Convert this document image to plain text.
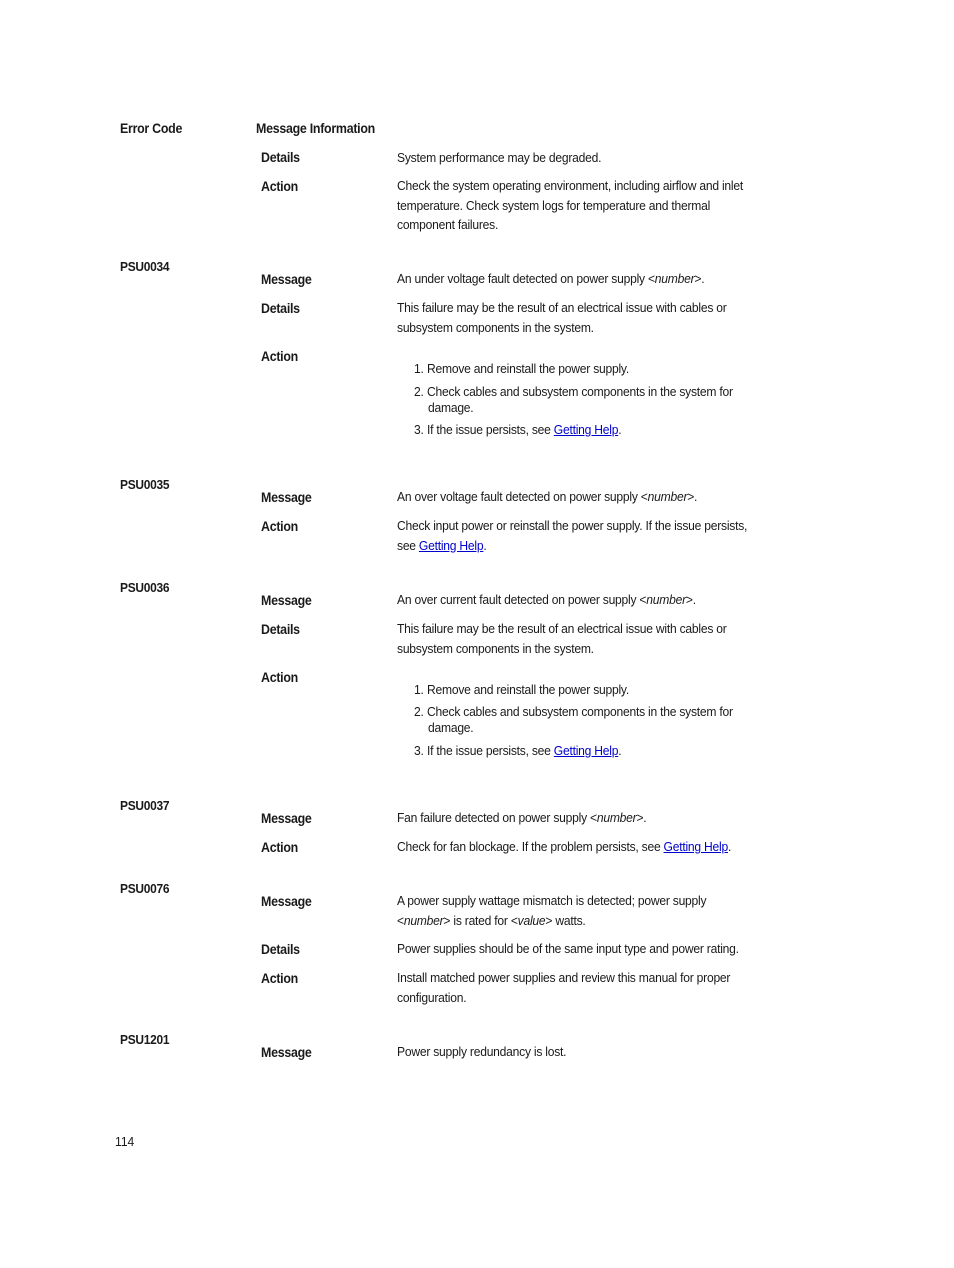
Error Code	Message Information
Details	System performance may be degraded.
Action	Check the system operating environment, including airflow and inlet
temperature. Check system logs for temperature and thermal
component failures.
PSU0034
Message	An under voltage fault detected on power supply <number>.
Details	This failure may be the result of an electrical issue with cables or
subsystem components in the system.
Action
1. Remove and reinstall the power supply.
2. Check cables and subsystem components in the system for
damage.
3. If the issue persists, see Getting Help.
PSU0035
Message	An over voltage fault detected on power supply <number>.
Action	Check input power or reinstall the power supply. If the issue persists,
see Getting Help.
PSU0036
Message	An over current fault detected on power supply <number>.
Details	This failure may be the result of an electrical issue with cables or
subsystem components in the system.
Action
1. Remove and reinstall the power supply.
2. Check cables and subsystem components in the system for
damage.
3. If the issue persists, see Getting Help.
PSU0037
Message	Fan failure detected on power supply <number>.
Action	Check for fan blockage. If the problem persists, see Getting Help.
PSU0076
Message	A power supply wattage mismatch is detected; power supply
<number> is rated for <value> watts.
Details	Power supplies should be of the same input type and power rating.
Action	Install matched power supplies and review this manual for proper
configuration.
PSU1201
Message	Power supply redundancy is lost.
114
